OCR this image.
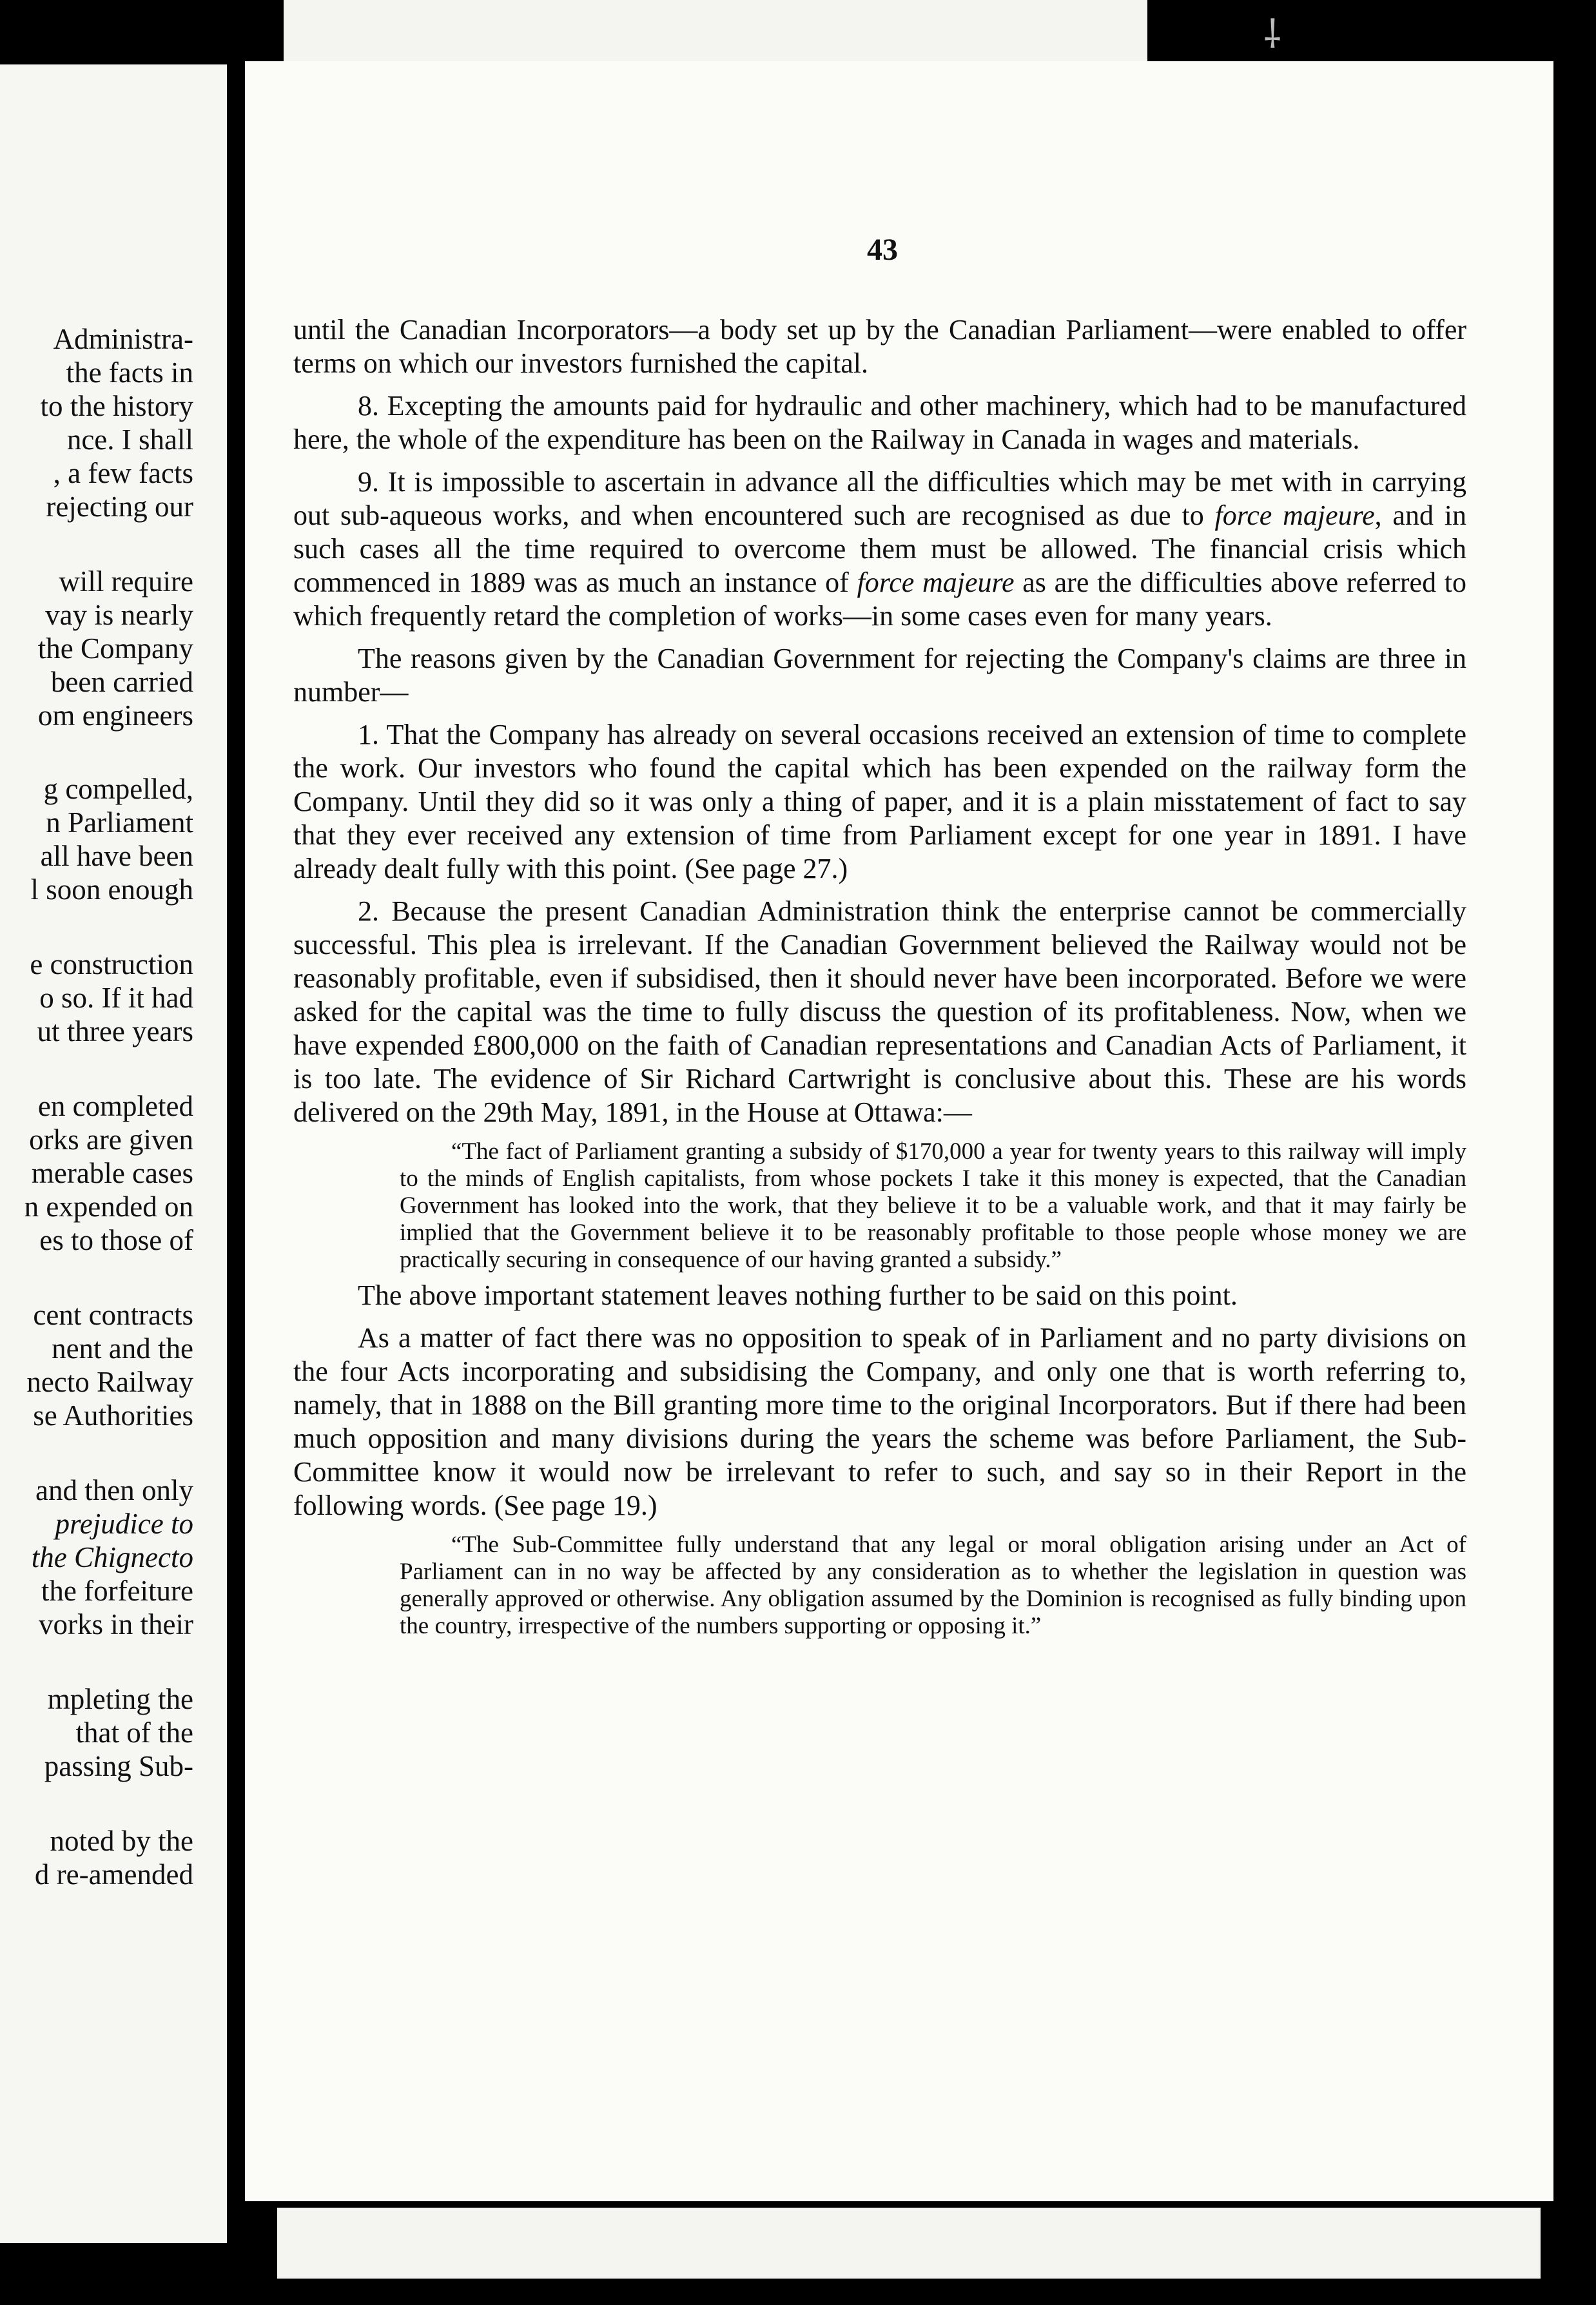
⸸
Administra-
the facts in
to the history
nce. I shall
, a few facts
rejecting our
will require
vay is nearly
the Company
been carried
om engineers
g compelled,
n Parliament
all have been
l soon enough
e construction
o so. If it had
ut three years
en completed
orks are given
merable cases
n expended on
es to those of
cent contracts
nent and the
necto Railway
se Authorities
and then only
prejudice to
the Chignecto
the forfeiture
vorks in their
mpleting the
that of the
passing Sub-
noted by the
d re-amended
43

until the Canadian Incorporators—a body set up by the Canadian Parliament—were enabled to offer terms on which our investors furnished the capital.

8. Excepting the amounts paid for hydraulic and other machinery, which had to be manufactured here, the whole of the expenditure has been on the Railway in Canada in wages and materials.

9. It is impossible to ascertain in advance all the difficulties which may be met with in carrying out sub-aqueous works, and when encountered such are recognised as due to force majeure, and in such cases all the time required to overcome them must be allowed. The financial crisis which commenced in 1889 was as much an instance of force majeure as are the difficulties above referred to which frequently retard the completion of works—in some cases even for many years.

The reasons given by the Canadian Government for rejecting the Company's claims are three in number—

1. That the Company has already on several occasions received an extension of time to complete the work. Our investors who found the capital which has been expended on the railway form the Company. Until they did so it was only a thing of paper, and it is a plain misstatement of fact to say that they ever received any extension of time from Parliament except for one year in 1891. I have already dealt fully with this point. (See page 27.)

2. Because the present Canadian Administration think the enterprise cannot be commercially successful. This plea is irrelevant. If the Canadian Government believed the Railway would not be reasonably profitable, even if subsidised, then it should never have been incorporated. Before we were asked for the capital was the time to fully discuss the question of its profitableness. Now, when we have expended £800,000 on the faith of Canadian representations and Canadian Acts of Parliament, it is too late. The evidence of Sir Richard Cartwright is conclusive about this. These are his words delivered on the 29th May, 1891, in the House at Ottawa:—

“The fact of Parliament granting a subsidy of $170,000 a year for twenty years to this railway will imply to the minds of English capitalists, from whose pockets I take it this money is expected, that the Canadian Government has looked into the work, that they believe it to be a valuable work, and that it may fairly be implied that the Government believe it to be reasonably profitable to those people whose money we are practically securing in consequence of our having granted a subsidy.”

The above important statement leaves nothing further to be said on this point.

As a matter of fact there was no opposition to speak of in Parliament and no party divisions on the four Acts incorporating and subsidising the Company, and only one that is worth referring to, namely, that in 1888 on the Bill granting more time to the original Incorporators. But if there had been much opposition and many divisions during the years the scheme was before Parliament, the Sub-Committee know it would now be irrelevant to refer to such, and say so in their Report in the following words. (See page 19.)

“The Sub-Committee fully understand that any legal or moral obligation arising under an Act of Parliament can in no way be affected by any consideration as to whether the legislation in question was generally approved or otherwise. Any obligation assumed by the Dominion is recognised as fully binding upon the country, irrespective of the numbers supporting or opposing it.”
